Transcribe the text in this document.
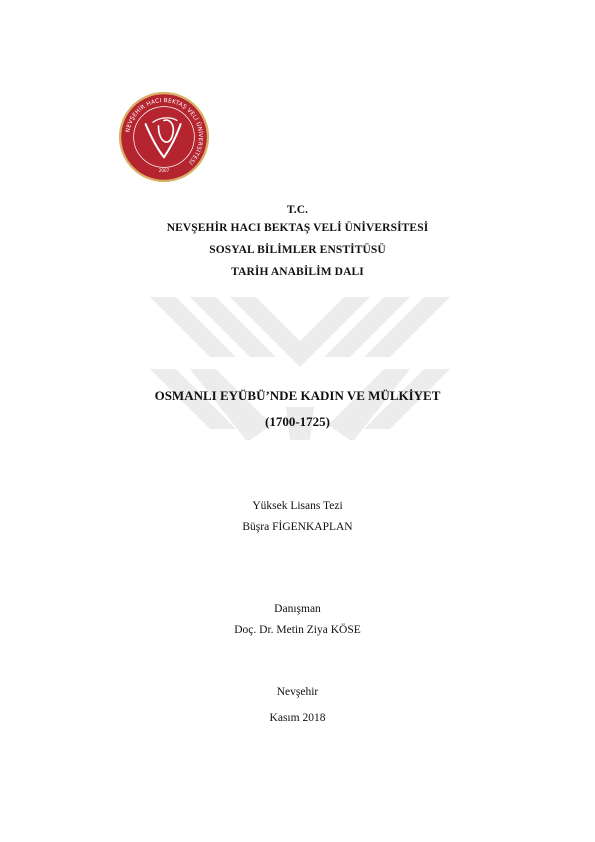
NEVŞEHİR HACI BEKTAŞ VELİ ÜNİVERSİTESİ
2007
T.C.
NEVŞEHİR HACI BEKTAŞ VELİ ÜNİVERSİTESİ
SOSYAL BİLİMLER ENSTİTÜSÜ
TARİH ANABİLİM DALI
OSMANLI EYÜBÜ’NDE KADIN VE MÜLKİYET
(1700-1725)
Yüksek Lisans Tezi
Büşra FİGENKAPLAN
Danışman
Doç. Dr. Metin Ziya KÖSE
Nevşehir
Kasım 2018
